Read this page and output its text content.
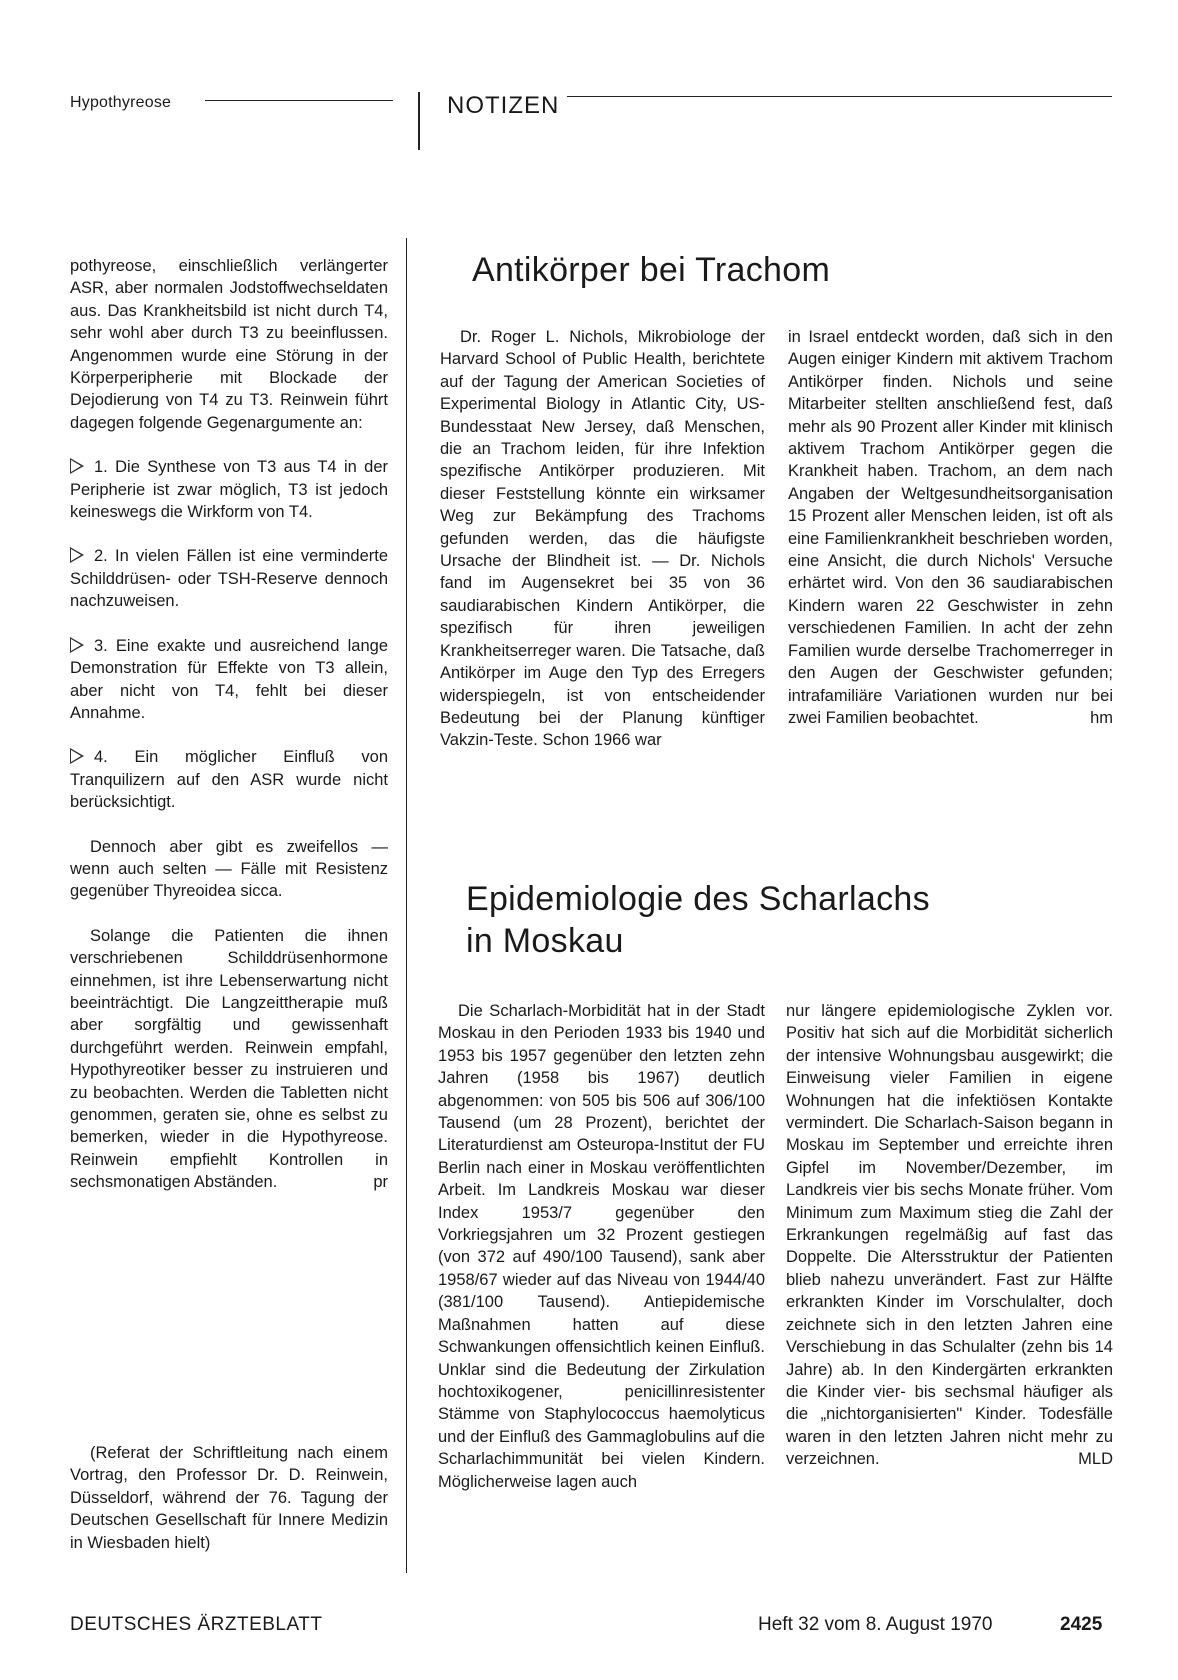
Hypothyreose	NOTIZEN

pothyreose, einschließlich verlängerter ASR, aber normalen Jodstoffwechseldaten aus. Das Krankheitsbild ist nicht durch T4, sehr wohl aber durch T3 zu beeinflussen. Angenommen wurde eine Störung in der Körperperipherie mit Blockade der Dejodierung von T4 zu T3. Reinwein führt dagegen folgende Gegenargumente an:

1. Die Synthese von T3 aus T4 in der Peripherie ist zwar möglich, T3 ist jedoch keineswegs die Wirkform von T4.

2. In vielen Fällen ist eine verminderte Schilddrüsen- oder TSH-Reserve dennoch nachzuweisen.

3. Eine exakte und ausreichend lange Demonstration für Effekte von T3 allein, aber nicht von T4, fehlt bei dieser Annahme.

4. Ein möglicher Einfluß von Tranquilizern auf den ASR wurde nicht berücksichtigt.

Dennoch aber gibt es zweifellos — wenn auch selten — Fälle mit Resistenz gegenüber Thyreoidea sicca.

Solange die Patienten die ihnen verschriebenen Schilddrüsenhormone einnehmen, ist ihre Lebenserwartung nicht beeinträchtigt. Die Langzeittherapie muß aber sorgfältig und gewissenhaft durchgeführt werden. Reinwein empfahl, Hypothyreotiker besser zu instruieren und zu beobachten. Werden die Tabletten nicht genommen, geraten sie, ohne es selbst zu bemerken, wieder in die Hypothyreose. Reinwein empfiehlt Kontrollen in sechsmonatigen Abständen.	pr

(Referat der Schriftleitung nach einem Vortrag, den Professor Dr. D. Reinwein, Düsseldorf, während der 76. Tagung der Deutschen Gesellschaft für Innere Medizin in Wiesbaden hielt)

Antikörper bei Trachom

Dr. Roger L. Nichols, Mikrobiologe der Harvard School of Public Health, berichtete auf der Tagung der American Societies of Experimental Biology in Atlantic City, US-Bundesstaat New Jersey, daß Menschen, die an Trachom leiden, für ihre Infektion spezifische Antikörper produzieren. Mit dieser Feststellung könnte ein wirksamer Weg zur Bekämpfung des Trachoms gefunden werden, das die häufigste Ursache der Blindheit ist. — Dr. Nichols fand im Augensekret bei 35 von 36 saudiarabischen Kindern Antikörper, die spezifisch für ihren jeweiligen Krankheitserreger waren. Die Tatsache, daß Antikörper im Auge den Typ des Erregers widerspiegeln, ist von entscheidender Bedeutung bei der Planung künftiger Vakzin-Teste. Schon 1966 war

in Israel entdeckt worden, daß sich in den Augen einiger Kindern mit aktivem Trachom Antikörper finden. Nichols und seine Mitarbeiter stellten anschließend fest, daß mehr als 90 Prozent aller Kinder mit klinisch aktivem Trachom Antikörper gegen die Krankheit haben. Trachom, an dem nach Angaben der Weltgesundheitsorganisation 15 Prozent aller Menschen leiden, ist oft als eine Familienkrankheit beschrieben worden, eine Ansicht, die durch Nichols' Versuche erhärtet wird. Von den 36 saudiarabischen Kindern waren 22 Geschwister in zehn verschiedenen Familien. In acht der zehn Familien wurde derselbe Trachomerreger in den Augen der Geschwister gefunden; intrafamiliäre Variationen wurden nur bei zwei Familien beobachtet.	hm

Epidemiologie des Scharlachs
in Moskau

Die Scharlach-Morbidität hat in der Stadt Moskau in den Perioden 1933 bis 1940 und 1953 bis 1957 gegenüber den letzten zehn Jahren (1958 bis 1967) deutlich abgenommen: von 505 bis 506 auf 306/100 Tausend (um 28 Prozent), berichtet der Literaturdienst am Osteuropa-Institut der FU Berlin nach einer in Moskau veröffentlichten Arbeit. Im Landkreis Moskau war dieser Index 1953/7 gegenüber den Vorkriegsjahren um 32 Prozent gestiegen (von 372 auf 490/100 Tausend), sank aber 1958/67 wieder auf das Niveau von 1944/40 (381/100 Tausend). Antiepidemische Maßnahmen hatten auf diese Schwankungen offensichtlich keinen Einfluß. Unklar sind die Bedeutung der Zirkulation hochtoxikogener, penicillinresistenter Stämme von Staphylococcus haemolyticus und der Einfluß des Gammaglobulins auf die Scharlachimmunität bei vielen Kindern. Möglicherweise lagen auch

nur längere epidemiologische Zyklen vor. Positiv hat sich auf die Morbidität sicherlich der intensive Wohnungsbau ausgewirkt; die Einweisung vieler Familien in eigene Wohnungen hat die infektiösen Kontakte vermindert. Die Scharlach-Saison begann in Moskau im September und erreichte ihren Gipfel im November/Dezember, im Landkreis vier bis sechs Monate früher. Vom Minimum zum Maximum stieg die Zahl der Erkrankungen regelmäßig auf fast das Doppelte. Die Altersstruktur der Patienten blieb nahezu unverändert. Fast zur Hälfte erkrankten Kinder im Vorschulalter, doch zeichnete sich in den letzten Jahren eine Verschiebung in das Schulalter (zehn bis 14 Jahre) ab. In den Kindergärten erkrankten die Kinder vier- bis sechsmal häufiger als die „nichtorganisierten" Kinder. Todesfälle waren in den letzten Jahren nicht mehr zu verzeichnen.	MLD

DEUTSCHES ÄRZTEBLATT	Heft 32 vom 8. August 1970	2425
